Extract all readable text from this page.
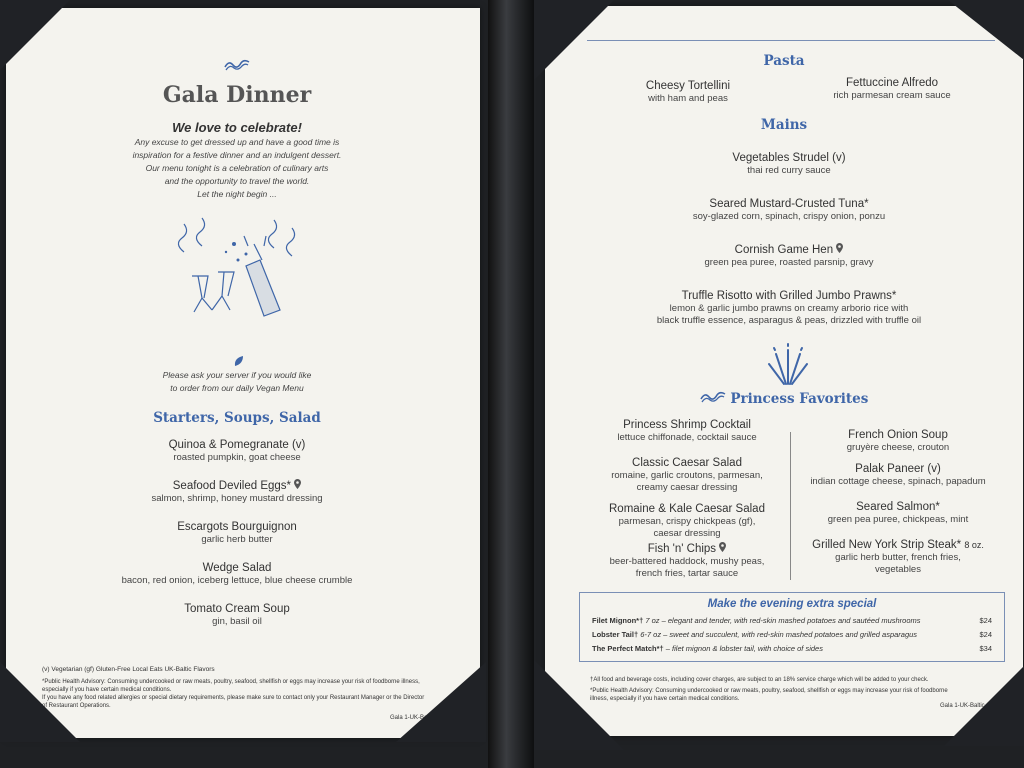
Gala Dinner
We love to celebrate!
Any excuse to get dressed up and have a good time is
inspiration for a festive dinner and an indulgent dessert.
Our menu tonight is a celebration of culinary arts
and the opportunity to travel the world.
Let the night begin ...
Please ask your server if you would like
to order from our daily Vegan Menu
Starters, Soups, Salad
Quinoa & Pomegranate (v)
roasted pumpkin, goat cheese
Seafood Deviled Eggs*
salmon, shrimp, honey mustard dressing
Escargots Bourguignon
garlic herb butter
Wedge Salad
bacon, red onion, iceberg lettuce, blue cheese crumble
Tomato Cream Soup
gin, basil oil
(v) Vegetarian (gf) Gluten-Free Local Eats UK-Baltic Flavors
*Public Health Advisory: Consuming undercooked or raw meats, poultry, seafood, shellfish or eggs may increase your risk of foodborne illness,
especially if you have certain medical conditions.
If you have any food related allergies or special dietary requirements, please make sure to contact only your Restaurant Manager or the Director
of Restaurant Operations.
Gala 1-UK-Baltic
Pasta
Cheesy Tortellini
with ham and peas
Fettuccine Alfredo
rich parmesan cream sauce
Mains
Vegetables Strudel (v)
thai red curry sauce
Seared Mustard-Crusted Tuna*
soy-glazed corn, spinach, crispy onion, ponzu
Cornish Game Hen
green pea puree, roasted parsnip, gravy
Truffle Risotto with Grilled Jumbo Prawns*
lemon & garlic jumbo prawns on creamy arborio rice with
black truffle essence, asparagus & peas, drizzled with truffle oil
Princess Favorites
Princess Shrimp Cocktail
lettuce chiffonade, cocktail sauce
Classic Caesar Salad
romaine, garlic croutons, parmesan,
creamy caesar dressing
Romaine & Kale Caesar Salad
parmesan, crispy chickpeas (gf),
caesar dressing
Fish 'n' Chips
beer-battered haddock, mushy peas,
french fries, tartar sauce
French Onion Soup
gruyère cheese, crouton
Palak Paneer (v)
indian cottage cheese, spinach, papadum
Seared Salmon*
green pea puree, chickpeas, mint
Grilled New York Strip Steak* 8 oz.
garlic herb butter, french fries,
vegetables
Make the evening extra special
Filet Mignon*† 7 oz – elegant and tender, with red-skin mashed potatoes and sautéed mushrooms	$24
Lobster Tail† 6-7 oz – sweet and succulent, with red-skin mashed potatoes and grilled asparagus	$24
The Perfect Match*† – filet mignon & lobster tail, with choice of sides	$34
†All food and beverage costs, including cover charges, are subject to an 18% service charge which will be added to your check.
*Public Health Advisory: Consuming undercooked or raw meats, poultry, seafood, shellfish or eggs may increase your risk of foodborne
illness, especially if you have certain medical conditions.
Gala 1-UK-Baltic-202
